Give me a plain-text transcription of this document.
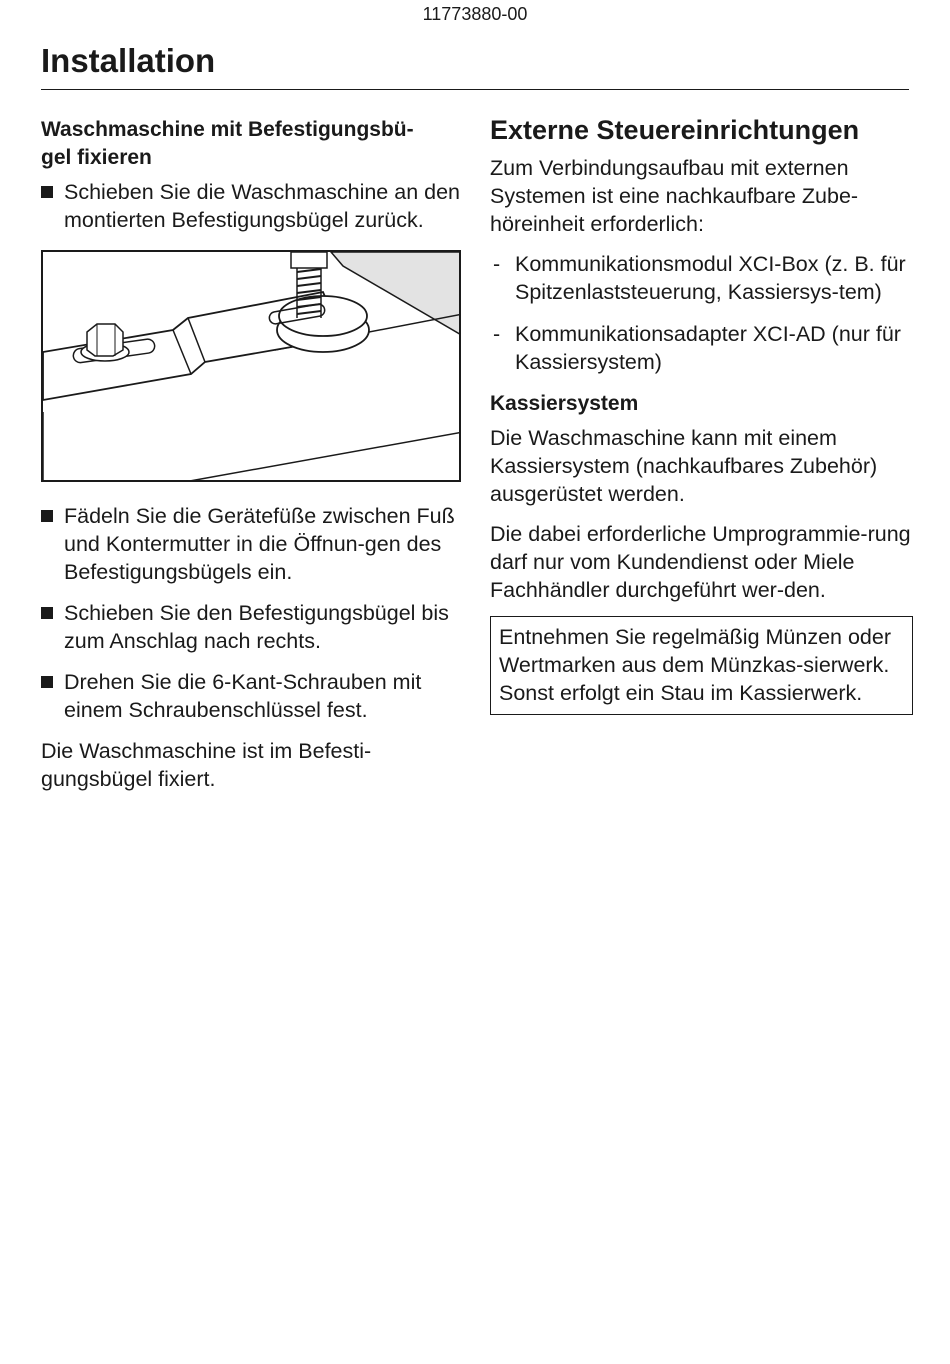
11773880-00
Installation
Waschmaschine mit Befestigungsbü-
gel fixieren
Schieben Sie die Waschmaschine an den montierten Befestigungsbügel zurück.
Fädeln Sie die Gerätefüße zwischen Fuß und Kontermutter in die Öffnun-gen des Befestigungsbügels ein.
Schieben Sie den Befestigungsbügel bis zum Anschlag nach rechts.
Drehen Sie die 6-Kant-Schrauben mit einem Schraubenschlüssel fest.

Die Waschmaschine ist im Befesti-gungsbügel fixiert.

Externe Steuereinrichtungen

Zum Verbindungsaufbau mit externen Systemen ist eine nachkaufbare Zube-höreinheit erforderlich:

- Kommunikationsmodul XCI-Box (z. B. für Spitzenlaststeuerung, Kassiersys-tem)
- Kommunikationsadapter XCI-AD (nur für Kassiersystem)
Kassiersystem

Die Waschmaschine kann mit einem Kassiersystem (nachkaufbares Zubehör) ausgerüstet werden.

Die dabei erforderliche Umprogrammie-rung darf nur vom Kundendienst oder Miele Fachhändler durchgeführt wer-den.

Entnehmen Sie regelmäßig Münzen oder Wertmarken aus dem Münzkas-sierwerk. Sonst erfolgt ein Stau im Kassierwerk.
